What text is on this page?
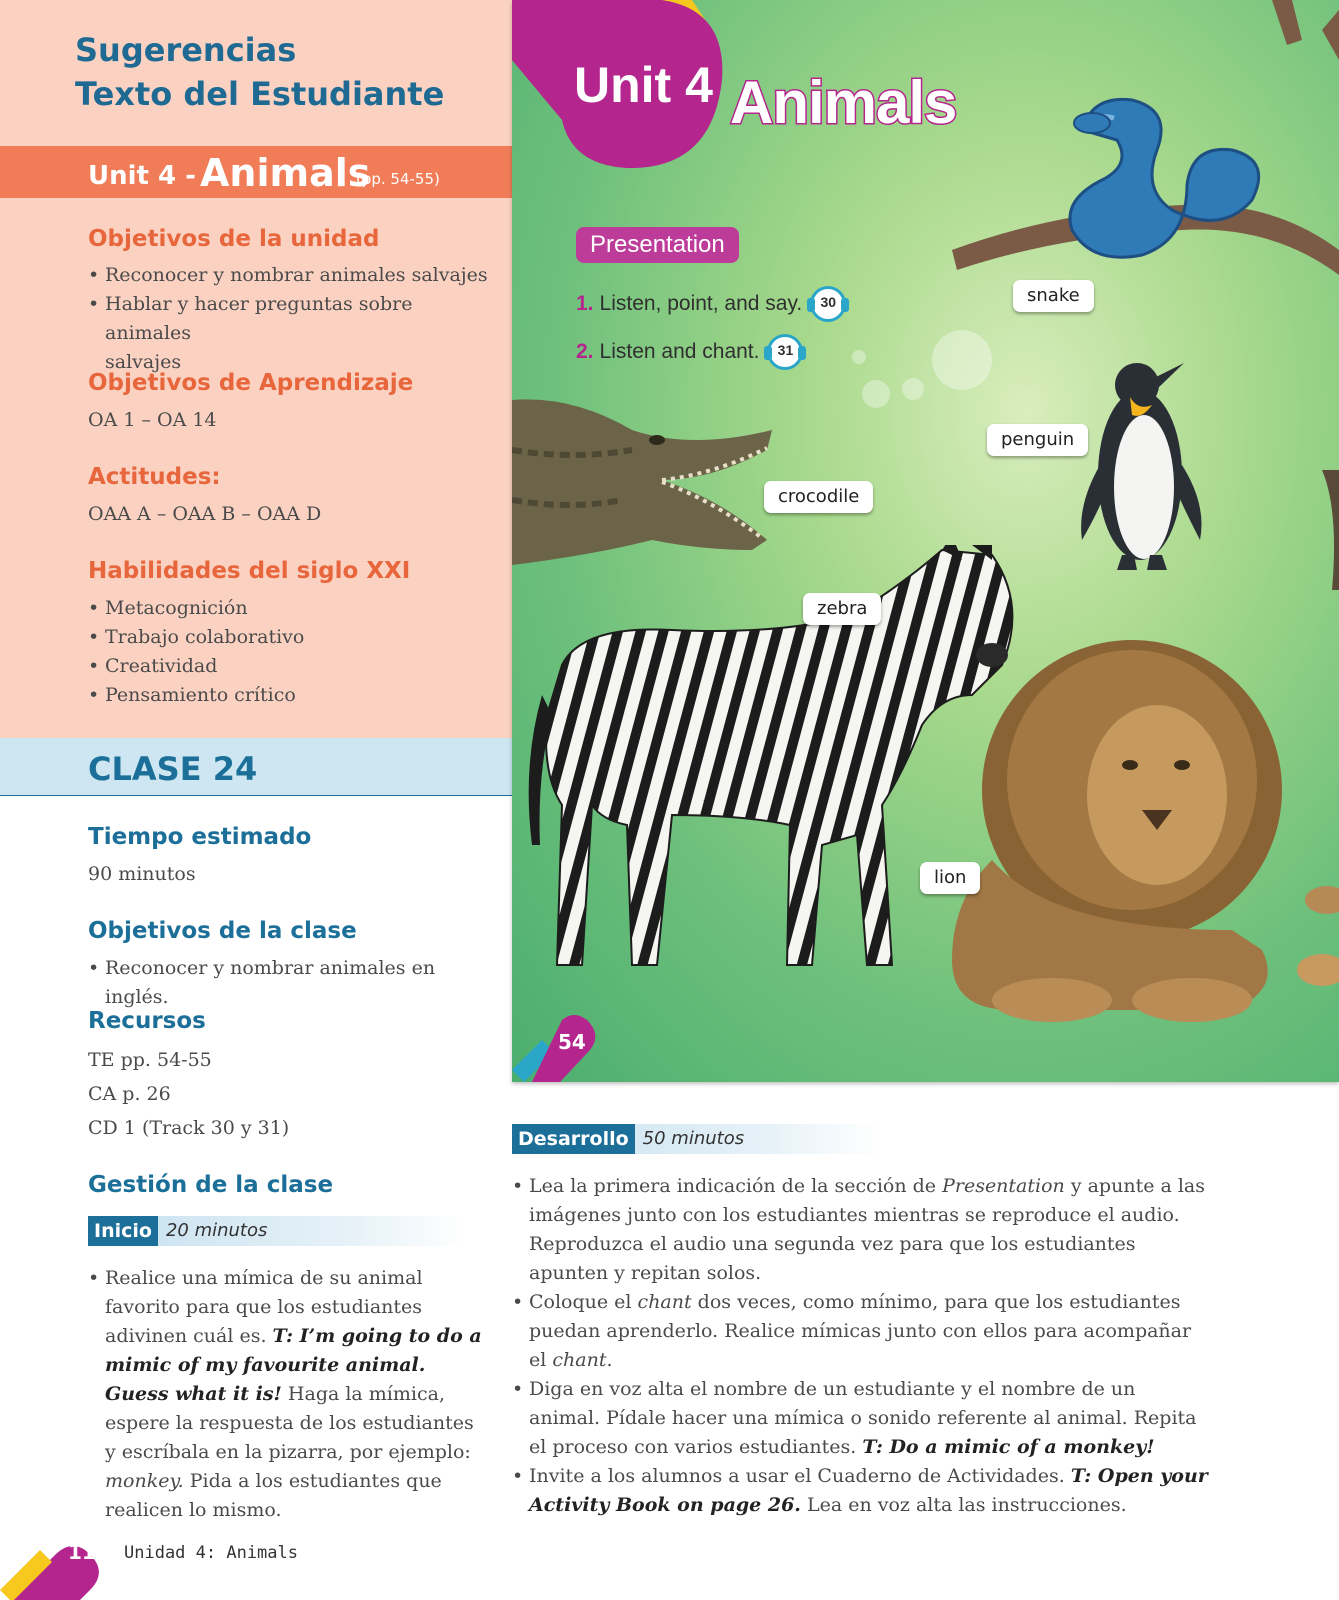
Sugerencias
Texto del Estudiante
Unit 4 - Animals
(pp. 54-55)
Objetivos de la unidad
• Reconocer y nombrar animales salvajes
• Hablar y hacer preguntas sobre animales
salvajes
Objetivos de Aprendizaje
OA 1 – OA 14
Actitudes:
OAA A – OAA B – OAA D
Habilidades del siglo XXI
• Metacognición
• Trabajo colaborativo
• Creatividad
• Pensamiento crítico
CLASE 24
Tiempo estimado
90 minutos
Objetivos de la clase
• Reconocer y nombrar animales en inglés.
Recursos
TE pp. 54-55
CA p. 26
CD 1 (Track 30 y 31)
Gestión de la clase
Inicio 20 minutos
• Realice una mímica de su animal favorito para que los estudiantes adivinen cuál es. T: I’m going to do a mimic of my favourite animal. Guess what it is! Haga la mímica, espere la respuesta de los estudiantes y escríbala en la pizarra, por ejemplo: monkey. Pida a los estudiantes que realicen lo mismo.
116 Unidad 4: Animals
Unit 4 Animals
Presentation
1. Listen, point, and say.	30
2. Listen and chant.	31
snake
penguin
crocodile
zebra
lion
54
Desarrollo 50 minutos
• Lea la primera indicación de la sección de Presentation y apunte a las imágenes junto con los estudiantes mientras se reproduce el audio. Reproduzca el audio una segunda vez para que los estudiantes apunten y repitan solos.
• Coloque el chant dos veces, como mínimo, para que los estudiantes puedan aprenderlo. Realice mímicas junto con ellos para acompañar el chant.
• Diga en voz alta el nombre de un estudiante y el nombre de un animal. Pídale hacer una mímica o sonido referente al animal. Repita el proceso con varios estudiantes. T: Do a mimic of a monkey!
• Invite a los alumnos a usar el Cuaderno de Actividades. T: Open your Activity Book on page 26. Lea en voz alta las instrucciones.
